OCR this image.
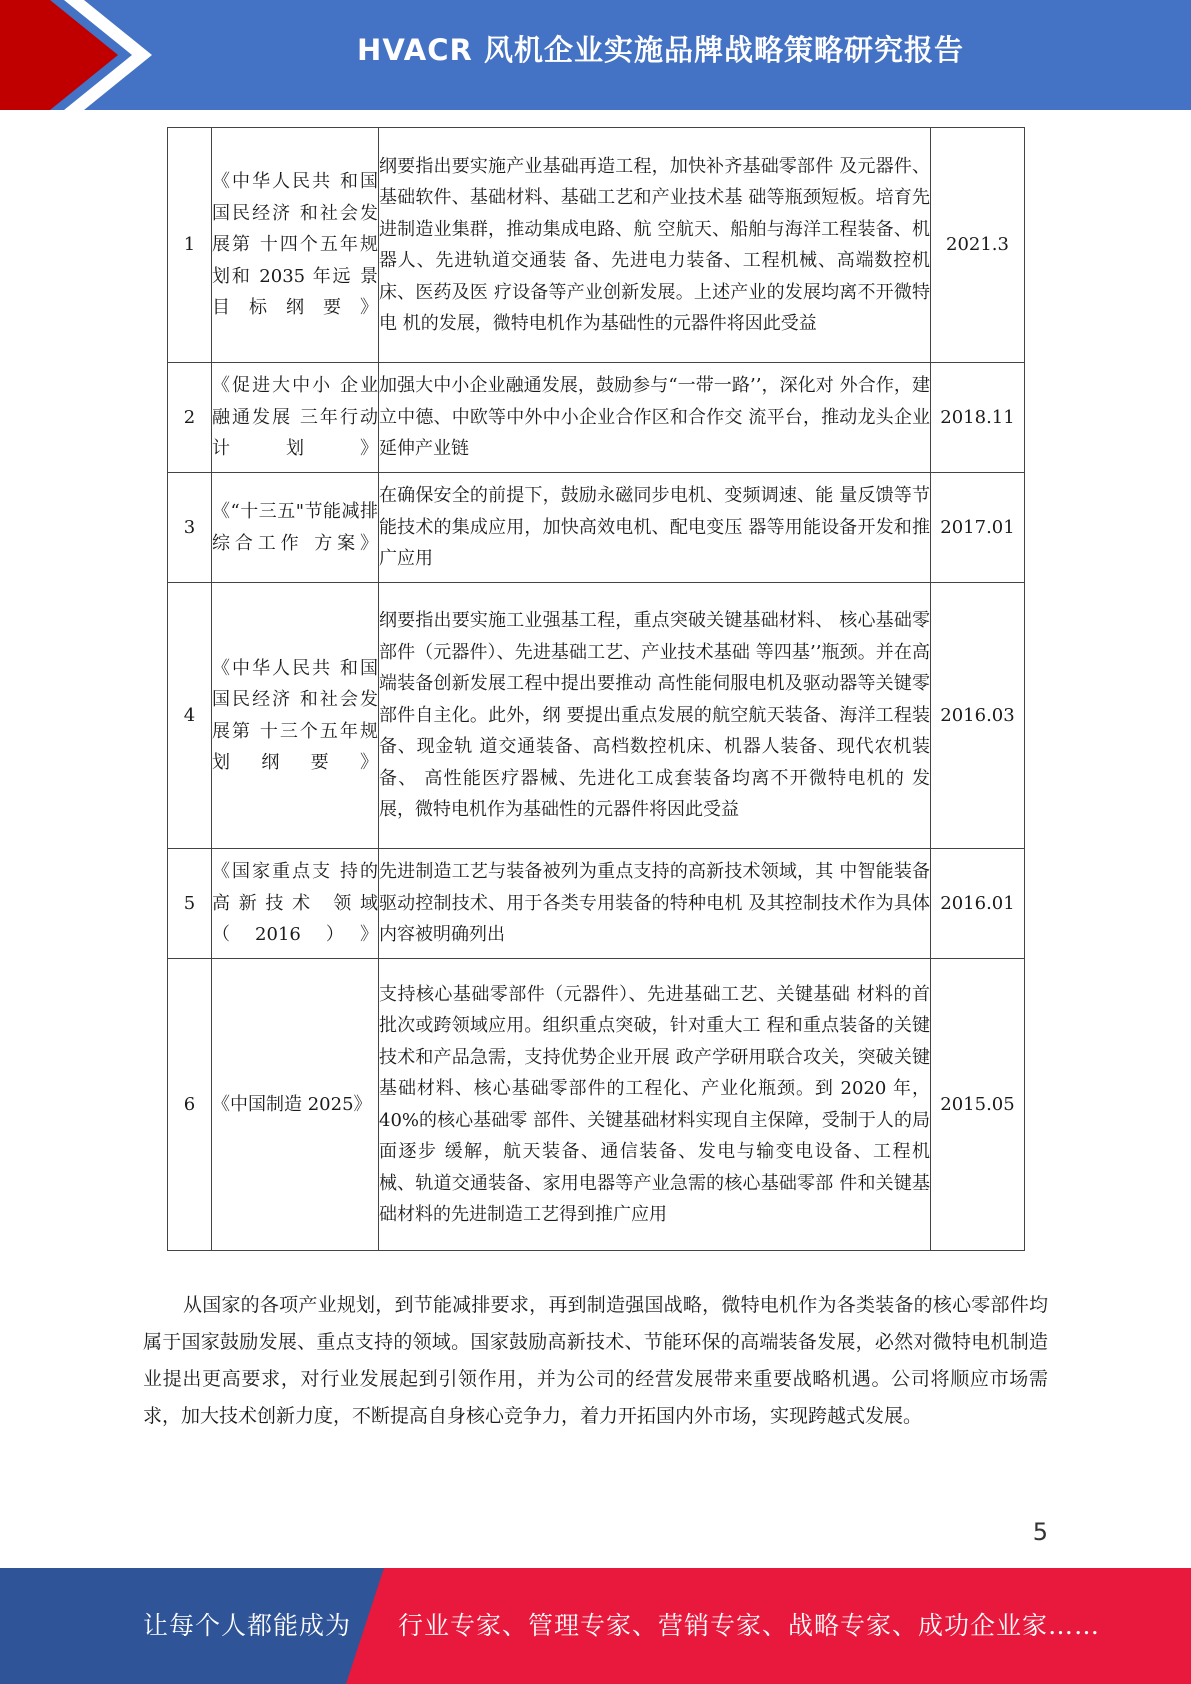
HVACR 风机企业实施品牌战略策略研究报告
1	《中华人民共 和国国民经济 和社会发展第 十四个五年规 划和 2035 年远 景目标纲要》	纲要指出要实施产业基础再造工程，加快补齐基础零部件 及元器件、基础软件、基础材料、基础工艺和产业技术基 础等瓶颈短板。培育先进制造业集群，推动集成电路、航 空航天、船舶与海洋工程装备、机器人、先进轨道交通装 备、先进电力装备、工程机械、高端数控机床、医药及医 疗设备等产业创新发展。上述产业的发展均离不开微特电 机的发展，微特电机作为基础性的元器件将因此受益	2021.3
2	《促进大中小 企业融通发展 三年行动计划》	加强大中小企业融通发展，鼓励参与“一带一路’’，深化对 外合作，建立中德、中欧等中外中小企业合作区和合作交 流平台，推动龙头企业延伸产业链	2018.11
3	《“十三五"节能减排综合工作 方案》	在确保安全的前提下，鼓励永磁同步电机、变频调速、能 量反馈等节能技术的集成应用，加快高效电机、配电变压 器等用能设备开发和推广应用	2017.01
4	《中华人民共 和国国民经济 和社会发展第 十三个五年规 划纲要》	纲要指出要实施工业强基工程，重点突破关键基础材料、 核心基础零部件（元器件）、先进基础工艺、产业技术基础 等四基’’瓶颈。并在高端装备创新发展工程中提出要推动 高性能伺服电机及驱动器等关键零部件自主化。此外，纲 要提出重点发展的航空航天装备、海洋工程装备、现金轨 道交通装备、高档数控机床、机器人装备、现代农机装备、 高性能医疗器械、先进化工成套装备均离不开微特电机的 发展，微特电机作为基础性的元器件将因此受益	2016.03
5	《国家重点支 持的高新技术 领域（2016）》	先进制造工艺与装备被列为重点支持的高新技术领域，其 中智能装备驱动控制技术、用于各类专用装备的特种电机 及其控制技术作为具体内容被明确列出	2016.01
6	《中国制造 2025》	支持核心基础零部件（元器件）、先进基础工艺、关键基础 材料的首批次或跨领域应用。组织重点突破，针对重大工 程和重点装备的关键技术和产品急需，支持优势企业开展 政产学研用联合攻关，突破关键基础材料、核心基础零部件的工程化、产业化瓶颈。到 2020 年，40%的核心基础零 部件、关键基础材料实现自主保障，受制于人的局面逐步 缓解，航天装备、通信装备、发电与输变电设备、工程机 械、轨道交通装备、家用电器等产业急需的核心基础零部 件和关键基础材料的先进制造工艺得到推广应用	2015.05

从国家的各项产业规划，到节能减排要求，再到制造强国战略，微特电机作为各类装备的核心零部件均属于国家鼓励发展、重点支持的领域。国家鼓励高新技术、节能环保的高端装备发展，必然对微特电机制造业提出更高要求，对行业发展起到引领作用，并为公司的经营发展带来重要战略机遇。公司将顺应市场需求，加大技术创新力度，不断提高自身核心竞争力，着力开拓国内外市场，实现跨越式发展。

5
让每个人都能成为 行业专家、管理专家、营销专家、战略专家、成功企业家……
